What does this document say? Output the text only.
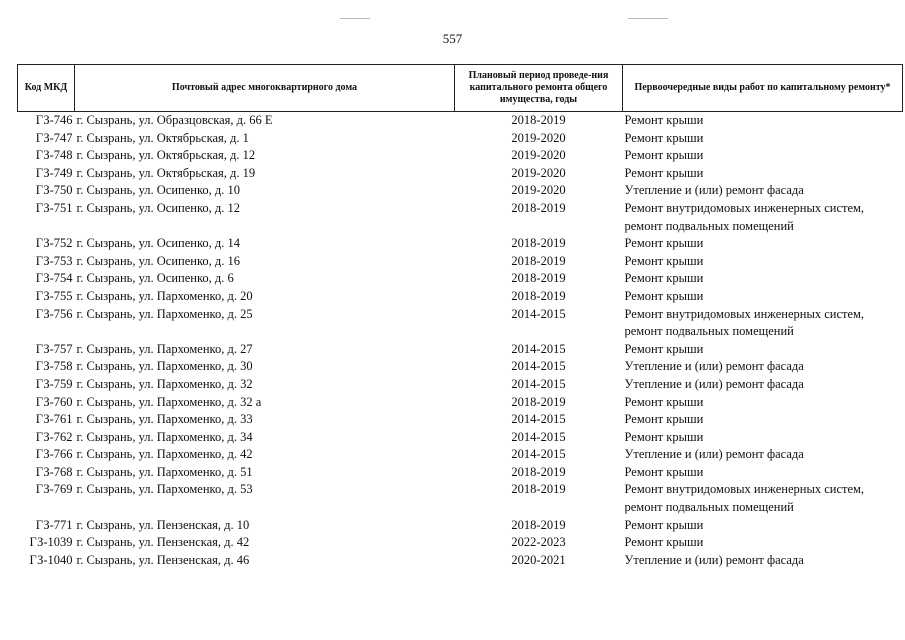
557
Код МКД	Почтовый адрес многоквартирного дома	Плановый период проведе-ния капитального ремонта общего имущества, годы	Первоочередные виды работ по капитальному ремонту*
ГЗ-746	г. Сызрань, ул. Образцовская, д. 66 Е	2018-2019	Ремонт крыши
ГЗ-747	г. Сызрань, ул. Октябрьская, д. 1	2019-2020	Ремонт крыши
ГЗ-748	г. Сызрань, ул. Октябрьская, д. 12	2019-2020	Ремонт крыши
ГЗ-749	г. Сызрань, ул. Октябрьская, д. 19	2019-2020	Ремонт крыши
ГЗ-750	г. Сызрань, ул. Осипенко, д. 10	2019-2020	Утепление и (или) ремонт фасада
ГЗ-751	г. Сызрань, ул. Осипенко, д. 12	2018-2019	Ремонт внутридомовых инженерных систем, ремонт подвальных помещений
ГЗ-752	г. Сызрань, ул. Осипенко, д. 14	2018-2019	Ремонт крыши
ГЗ-753	г. Сызрань, ул. Осипенко, д. 16	2018-2019	Ремонт крыши
ГЗ-754	г. Сызрань, ул. Осипенко, д. 6	2018-2019	Ремонт крыши
ГЗ-755	г. Сызрань, ул. Пархоменко, д. 20	2018-2019	Ремонт крыши
ГЗ-756	г. Сызрань, ул. Пархоменко, д. 25	2014-2015	Ремонт внутридомовых инженерных систем, ремонт подвальных помещений
ГЗ-757	г. Сызрань, ул. Пархоменко, д. 27	2014-2015	Ремонт крыши
ГЗ-758	г. Сызрань, ул. Пархоменко, д. 30	2014-2015	Утепление и (или) ремонт фасада
ГЗ-759	г. Сызрань, ул. Пархоменко, д. 32	2014-2015	Утепление и (или) ремонт фасада
ГЗ-760	г. Сызрань, ул. Пархоменко, д. 32 а	2018-2019	Ремонт крыши
ГЗ-761	г. Сызрань, ул. Пархоменко, д. 33	2014-2015	Ремонт крыши
ГЗ-762	г. Сызрань, ул. Пархоменко, д. 34	2014-2015	Ремонт крыши
ГЗ-766	г. Сызрань, ул. Пархоменко, д. 42	2014-2015	Утепление и (или) ремонт фасада
ГЗ-768	г. Сызрань, ул. Пархоменко, д. 51	2018-2019	Ремонт крыши
ГЗ-769	г. Сызрань, ул. Пархоменко, д. 53	2018-2019	Ремонт внутридомовых инженерных систем, ремонт подвальных помещений
ГЗ-771	г. Сызрань, ул. Пензенская, д. 10	2018-2019	Ремонт крыши
ГЗ-1039	г. Сызрань, ул. Пензенская, д. 42	2022-2023	Ремонт крыши
ГЗ-1040	г. Сызрань, ул. Пензенская, д. 46	2020-2021	Утепление и (или) ремонт фасада
